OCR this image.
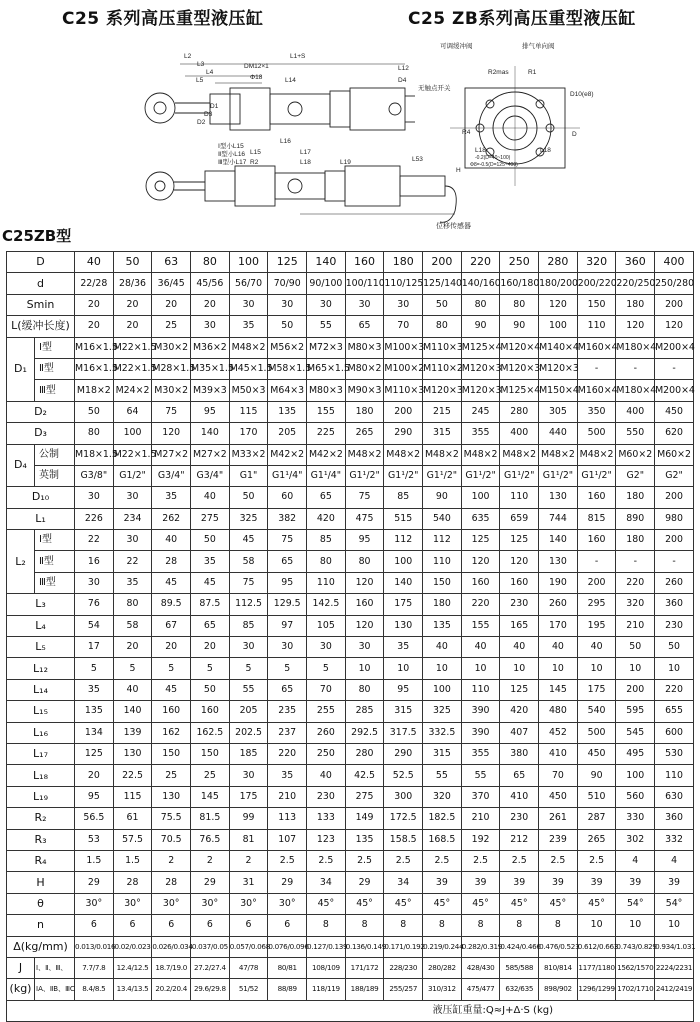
C25 系列高压重型液压缸	C25 ZB系列高压重型液压缸
L2	L1+S
L3
L4
L5
DM12×1
Φ18	L14	D4
L12
D2
D3
D1
无触点开关
L16
L15	L17
R2	L18	L19
Ⅰ型小L15
Ⅱ型小L16
Ⅲ型小L17
位移传感器
可调缓冲阀	排气单向阀
R2mas	R1
D10(e8)
R4
L18	L18
L53
H
D
-0.2(D=40~100)
Φ8=-0.5(D=125~400)
C25ZB型
D		40	50	63	80	100	125	140	160	180	200	220	250	280	320	360	400
d		22/28	28/36	36/45	45/56	56/70	70/90	90/100	100/110	110/125	125/140	140/160	160/180	180/200	200/220	220/250	250/280
Smin		20	20	20	20	30	30	30	30	30	50	80	80	120	150	180	200
L(缓冲长度)		20	20	25	30	35	50	55	65	70	80	90	90	100	110	120	120
D₁	Ⅰ型	M16×1.5	M22×1.5	M30×2	M36×2	M48×2	M56×2	M72×3	M80×3	M100×3	M110×3	M125×4	M120×4	M140×4	M160×4	M180×4	M200×4
	Ⅱ型	M16×1.5	M22×1.5	M28×1.5	M35×1.5	M45×1.5	M58×1.5	M65×1.5	M80×2	M100×2	M110×2	M120×3	M120×3	M120×3	-	-	-
	Ⅲ型	M18×2	M24×2	M30×2	M39×3	M50×3	M64×3	M80×3	M90×3	M110×3	M120×3	M120×3	M125×4	M150×4	M160×4	M180×4	M200×4
D₂		50	64	75	95	115	135	155	180	200	215	245	280	305	350	400	450
D₃		80	100	120	140	170	205	225	265	290	315	355	400	440	500	550	620
D₄	公制	M18×1.5	M22×1.5	M27×2	M27×2	M33×2	M42×2	M42×2	M48×2	M48×2	M48×2	M48×2	M48×2	M48×2	M48×2	M60×2	M60×2
	英制	G3/8"	G1/2"	G3/4"	G3/4"	G1"	G1¹/4"	G1¹/4"	G1¹/2"	G1¹/2"	G1¹/2"	G1¹/2"	G1¹/2"	G1¹/2"	G1¹/2"	G2"	G2"
D₁₀		30	30	35	40	50	60	65	75	85	90	100	110	130	160	180	200
L₁		226	234	262	275	325	382	420	475	515	540	635	659	744	815	890	980
L₂	Ⅰ型	22	30	40	50	45	75	85	95	112	112	125	125	140	160	180	200
	Ⅱ型	16	22	28	35	58	65	80	80	100	110	120	120	130	-	-	-
	Ⅲ型	30	35	45	45	75	95	110	120	140	150	160	160	190	200	220	260
L₃		76	80	89.5	87.5	112.5	129.5	142.5	160	175	180	220	230	260	295	320	360
L₄		54	58	67	65	85	97	105	120	130	135	155	165	170	195	210	230
L₅		17	20	20	20	30	30	30	30	35	40	40	40	40	40	50	50
L₁₂		5	5	5	5	5	5	5	10	10	10	10	10	10	10	10	10
L₁₄		35	40	45	50	55	65	70	80	95	100	110	125	145	175	200	220
L₁₅		135	140	160	160	205	235	255	285	315	325	390	420	480	540	595	655
L₁₆		134	139	162	162.5	202.5	237	260	292.5	317.5	332.5	390	407	452	500	545	600
L₁₇		125	130	150	150	185	220	250	280	290	315	355	380	410	450	495	530
L₁₈		20	22.5	25	25	30	35	40	42.5	52.5	55	55	65	70	90	100	110
L₁₉		95	115	130	145	175	210	230	275	300	320	370	410	450	510	560	630
R₂		56.5	61	75.5	81.5	99	113	133	149	172.5	182.5	210	230	261	287	330	360
R₃		53	57.5	70.5	76.5	81	107	123	135	158.5	168.5	192	212	239	265	302	332
R₄		1.5	1.5	2	2	2	2.5	2.5	2.5	2.5	2.5	2.5	2.5	2.5	2.5	4	4
H		29	28	28	29	31	29	34	29	34	39	39	39	39	39	39	39
θ		30°	30°	30°	30°	30°	30°	45°	45°	45°	45°	45°	45°	45°	45°	54°	54°
n		6	6	6	6	6	6	8	8	8	8	8	8	8	10	10	10
Δ(kg/mm)		0.013/0.016	0.02/0.023	0.026/0.034	0.037/0.05	0.057/0.068	0.076/0.096	0.127/0.139	0.136/0.149	0.171/0.192	0.219/0.244	0.282/0.319	0.424/0.466	0.476/0.523	0.612/0.663	0.743/0.829	0.934/1.031
J	Ⅰ、Ⅱ、Ⅲ、	7.7/7.8	12.4/12.5	18.7/19.0	27.2/27.4	47/78	80/81	108/109	171/172	228/230	280/282	428/430	585/588	810/814	1177/1180	1562/1570	2224/2231
(kg)	ⅠA、ⅡB、ⅢC	8.4/8.5	13.4/13.5	20.2/20.4	29.6/29.8	51/52	88/89	118/119	188/189	255/257	310/312	475/477	632/635	898/902	1296/1299	1702/1710	2412/2419
液压缸重量:Q≈J+Δ·S (kg)																	
